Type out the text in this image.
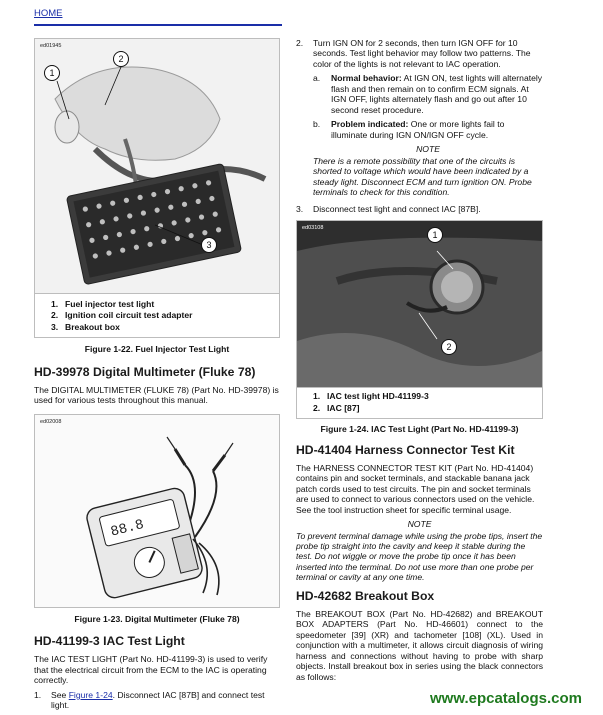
HOME
ed01945
1
2
3
1. Fuel injector test light
2. Ignition coil circuit test adapter
3. Breakout box
Figure 1-22. Fuel Injector Test Light
HD-39978 Digital Multimeter (Fluke 78)

The DIGITAL MULTIMETER (FLUKE 78) (Part No. HD-39978) is used for various tests throughout this manual.

ed02008
88.8
Figure 1-23. Digital Multimeter (Fluke 78)
HD-41199-3 IAC Test Light

The IAC TEST LIGHT (Part No. HD-41199-3) is used to verify that the electrical circuit from the ECM to the IAC is operating correctly.

1. See Figure 1-24. Disconnect IAC [87B] and connect test light.
2. Turn IGN ON for 2 seconds, then turn IGN OFF for 10 seconds. Test light behavior may follow two patterns. The color of the lights is not relevant to IAC operation.
a. Normal behavior: At IGN ON, test lights will alternately flash and then remain on to confirm ECM signals. At IGN OFF, lights alternately flash and go out after 10 second reset procedure.
b. Problem indicated: One or more lights fail to illuminate during IGN ON/IGN OFF cycle.
NOTE
There is a remote possibility that one of the circuits is shorted to voltage which would have been indicated by a steady light. Disconnect ECM and turn ignition ON. Probe terminals to check for this condition.
3. Disconnect test light and connect IAC [87B].
ed03108
1
2
1. IAC test light HD-41199-3
2. IAC [87]
Figure 1-24. IAC Test Light (Part No. HD-41199-3)
HD-41404 Harness Connector Test Kit

The HARNESS CONNECTOR TEST KIT (Part No. HD-41404) contains pin and socket terminals, and stackable banana jack patch cords used to test circuits. The pin and socket terminals are used to connect to various connectors used on the vehicle. See the tool instruction sheet for specific terminal usage.

NOTE
To prevent terminal damage while using the probe tips, insert the probe tip straight into the cavity and keep it stable during the test. Do not wiggle or move the probe tip once it has been inserted into the terminal. Do not use more than one probe per terminal or cavity at any one time.
HD-42682 Breakout Box

The BREAKOUT BOX (Part No. HD-42682) and BREAKOUT BOX ADAPTERS (Part No. HD-46601) connect to the speedometer [39] (XR) and tachometer [108] (XL). Used in conjunction with a multimeter, it allows circuit diagnosis of wiring harness and connections without having to probe with sharp objects. Install breakout box in series using the black connectors as follows:

www.epcatalogs.com
